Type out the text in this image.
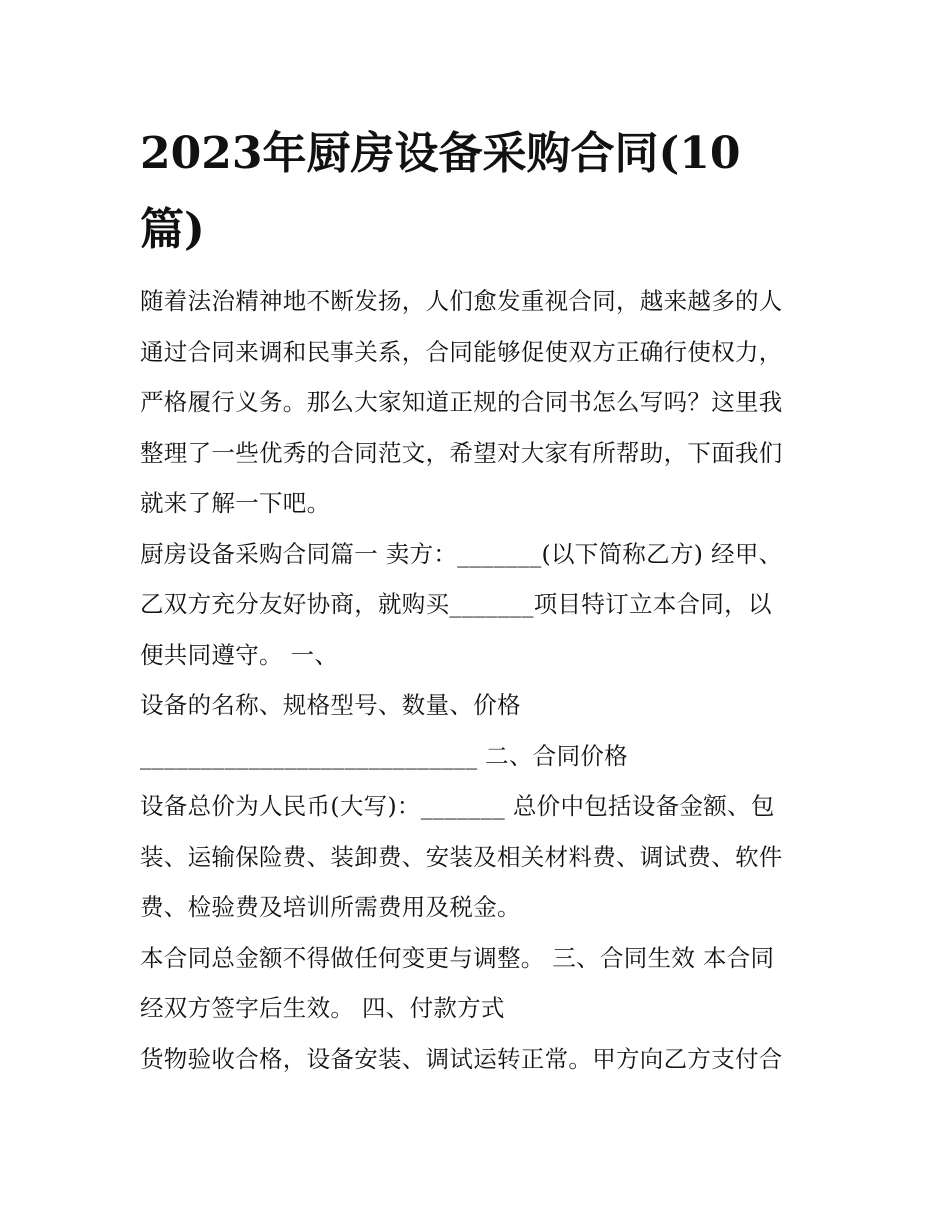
2023年厨房设备采购合同(10
篇)

随着法治精神地不断发扬，人们愈发重视合同，越来越多的人

通过合同来调和民事关系，合同能够促使双方正确行使权力，

严格履行义务。那么大家知道正规的合同书怎么写吗？这里我

整理了一些优秀的合同范文，希望对大家有所帮助，下面我们

就来了解一下吧。

厨房设备采购合同篇一 卖方：_______(以下简称乙方) 经甲、

乙双方充分友好协商，就购买_______项目特订立本合同，以

便共同遵守。 一、

设备的名称、规格型号、数量、价格

____________________________ 二、合同价格

设备总价为人民币(大写)：_______ 总价中包括设备金额、包

装、运输保险费、装卸费、安装及相关材料费、调试费、软件

费、检验费及培训所需费用及税金。

本合同总金额不得做任何变更与调整。 三、合同生效 本合同

经双方签字后生效。 四、付款方式

货物验收合格，设备安装、调试运转正常。甲方向乙方支付合
